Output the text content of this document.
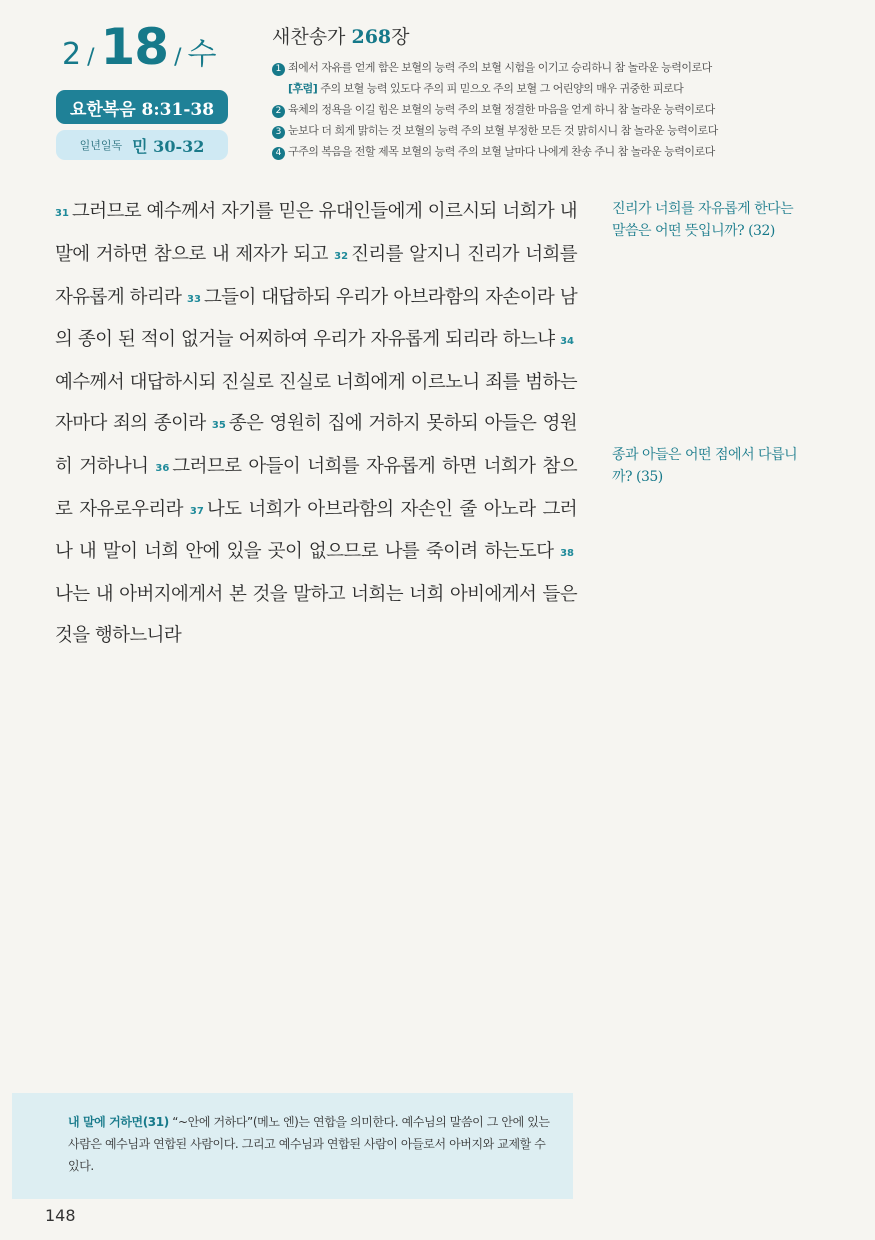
2 / 18 / 수
요한복음 8:31-38
일년일독 민 30-32
새찬송가 268장
1 죄에서 자유를 얻게 함은 보혈의 능력 주의 보혈 시험을 이기고 승리하니 참 놀라운 능력이로다
[후렴] 주의 보혈 능력 있도다 주의 피 믿으오 주의 보혈 그 어린양의 매우 귀중한 피로다
2 육체의 정욕을 이길 힘은 보혈의 능력 주의 보혈 정결한 마음을 얻게 하니 참 놀라운 능력이로다
3 눈보다 더 희게 맑히는 것 보혈의 능력 주의 보혈 부정한 모든 것 맑히시니 참 놀라운 능력이로다
4 구주의 복음을 전할 제목 보혈의 능력 주의 보혈 날마다 나에게 찬송 주니 참 놀라운 능력이로다
31 그러므로 예수께서 자기를 믿은 유대인들에게 이르시되 너희가 내 말에 거하면 참으로 내 제자가 되고 32 진리를 알지니 진리가 너희를 자유롭게 하리라 33 그들이 대답하되 우리가 아브라함의 자손이라 남의 종이 된 적이 없거늘 어찌하여 우리가 자유롭게 되리라 하느냐 34예수께서 대답하시되 진실로 진실로 너희에게 이르노니 죄를 범하는 자마다 죄의 종이라 35 종은 영원히 집에 거하지 못하되 아들은 영원히 거하나니 36 그러므로 아들이 너희를 자유롭게 하면 너희가 참으로 자유로우리라 37 나도 너희가 아브라함의 자손인 줄 아노라 그러나 내 말이 너희 안에 있을 곳이 없으므로 나를 죽이려 하는도다 38나는 내 아버지에게서 본 것을 말하고 너희는 너희 아비에게서 들은 것을 행하느니라
진리가 너희를 자유롭게 한다는 말씀은 어떤 뜻입니까? (32)
종과 아들은 어떤 점에서 다릅니까? (35)
내 말에 거하면(31) “~안에 거하다”(메노 엔)는 연합을 의미한다. 예수님의 말씀이 그 안에 있는 사람은 예수님과 연합된 사람이다. 그리고 예수님과 연합된 사람이 아들로서 아버지와 교제할 수 있다.
148
